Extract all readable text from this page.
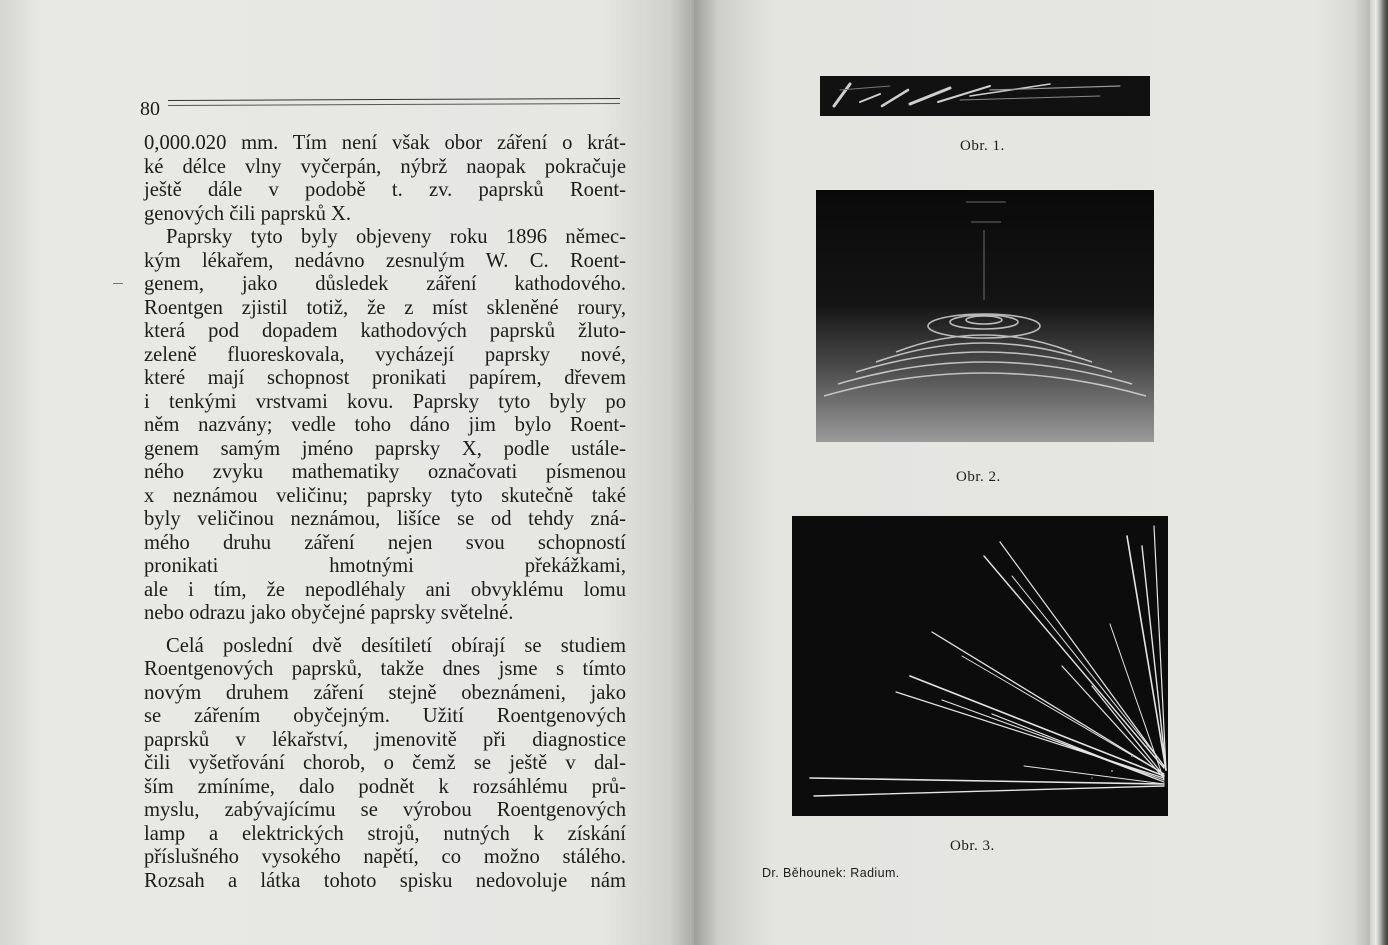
80
0,000.020 mm. Tím není však obor záření o krát-
ké délce vlny vyčerpán, nýbrž naopak pokračuje
ještě dále v podobě t. zv. paprsků Roent-
genových čili paprsků X.
Paprsky tyto byly objeveny roku 1896 němec-
kým lékařem, nedávno zesnulým W. C. Roent-
genem, jako důsledek záření kathodového.
Roentgen zjistil totiž, že z míst skleněné roury,
která pod dopadem kathodových paprsků žluto-
zeleně fluoreskovala, vycházejí paprsky nové,
které mají schopnost pronikati papírem, dřevem
i tenkými vrstvami kovu. Paprsky tyto byly po
něm nazvány; vedle toho dáno jim bylo Roent-
genem samým jméno paprsky X, podle ustále-
ného zvyku mathematiky označovati písmenou
x neznámou veličinu; paprsky tyto skutečně také
byly veličinou neznámou, lišíce se od tehdy zná-
mého druhu záření nejen svou schopností
pronikati hmotnými překážkami,
ale i tím, že nepodléhaly ani obvyklému lomu
nebo odrazu jako obyčejné paprsky světelné.
Celá poslední dvě desítiletí obírají se studiem
Roentgenových paprsků, takže dnes jsme s tímto
novým druhem záření stejně obeznámeni, jako
se zářením obyčejným. Užití Roentgenových
paprsků v lékařství, jmenovitě při diagnostice
čili vyšetřování chorob, o čemž se ještě v dal-
ším zmíníme, dalo podnět k rozsáhlému prů-
myslu, zabývajícímu se výrobou Roentgenových
lamp a elektrických strojů, nutných k získání
příslušného vysokého napětí, co možno stálého.
Rozsah a látka tohoto spisku nedovoluje nám
Obr. 1.
Obr. 2.
Obr. 3.
Dr. Běhounek: Radium.
